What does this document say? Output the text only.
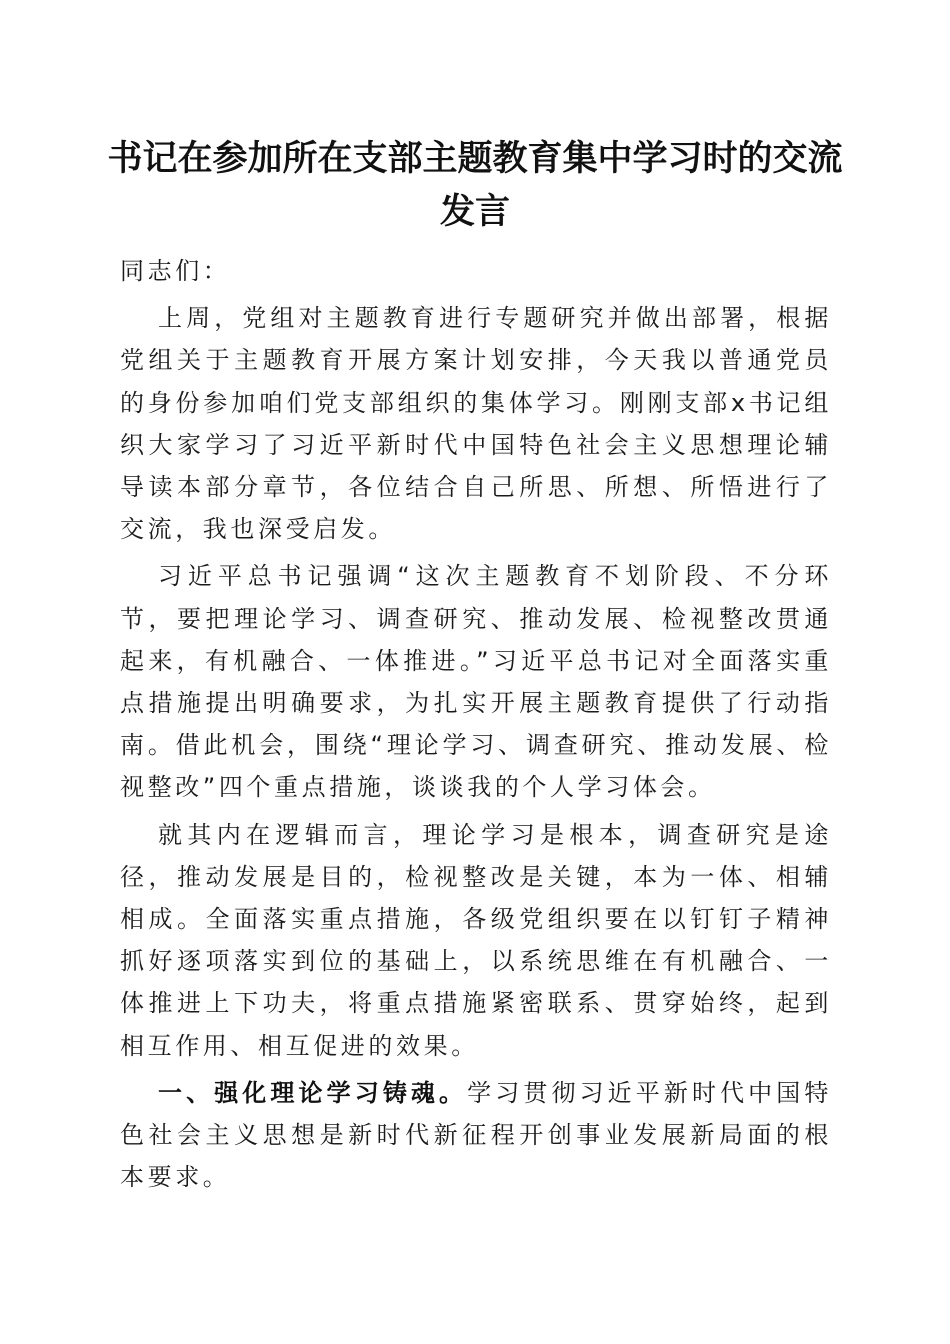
书记在参加所在支部主题教育集中学习时的交流发言

同志们：

上周，党组对主题教育进行专题研究并做出部署，根据党组关于主题教育开展方案计划安排，今天我以普通党员的身份参加咱们党支部组织的集体学习。刚刚支部x书记组织大家学习了习近平新时代中国特色社会主义思想理论辅导读本部分章节，各位结合自己所思、所想、所悟进行了交流，我也深受启发。

习近平总书记强调“这次主题教育不划阶段、不分环节，要把理论学习、调查研究、推动发展、检视整改贯通起来，有机融合、一体推进。”习近平总书记对全面落实重点措施提出明确要求，为扎实开展主题教育提供了行动指南。借此机会，围绕“理论学习、调查研究、推动发展、检视整改”四个重点措施，谈谈我的个人学习体会。

就其内在逻辑而言，理论学习是根本，调查研究是途径，推动发展是目的，检视整改是关键，本为一体、相辅相成。全面落实重点措施，各级党组织要在以钉钉子精神抓好逐项落实到位的基础上，以系统思维在有机融合、一体推进上下功夫，将重点措施紧密联系、贯穿始终，起到相互作用、相互促进的效果。

一、强化理论学习铸魂。学习贯彻习近平新时代中国特色社会主义思想是新时代新征程开创事业发展新局面的根本要求。
